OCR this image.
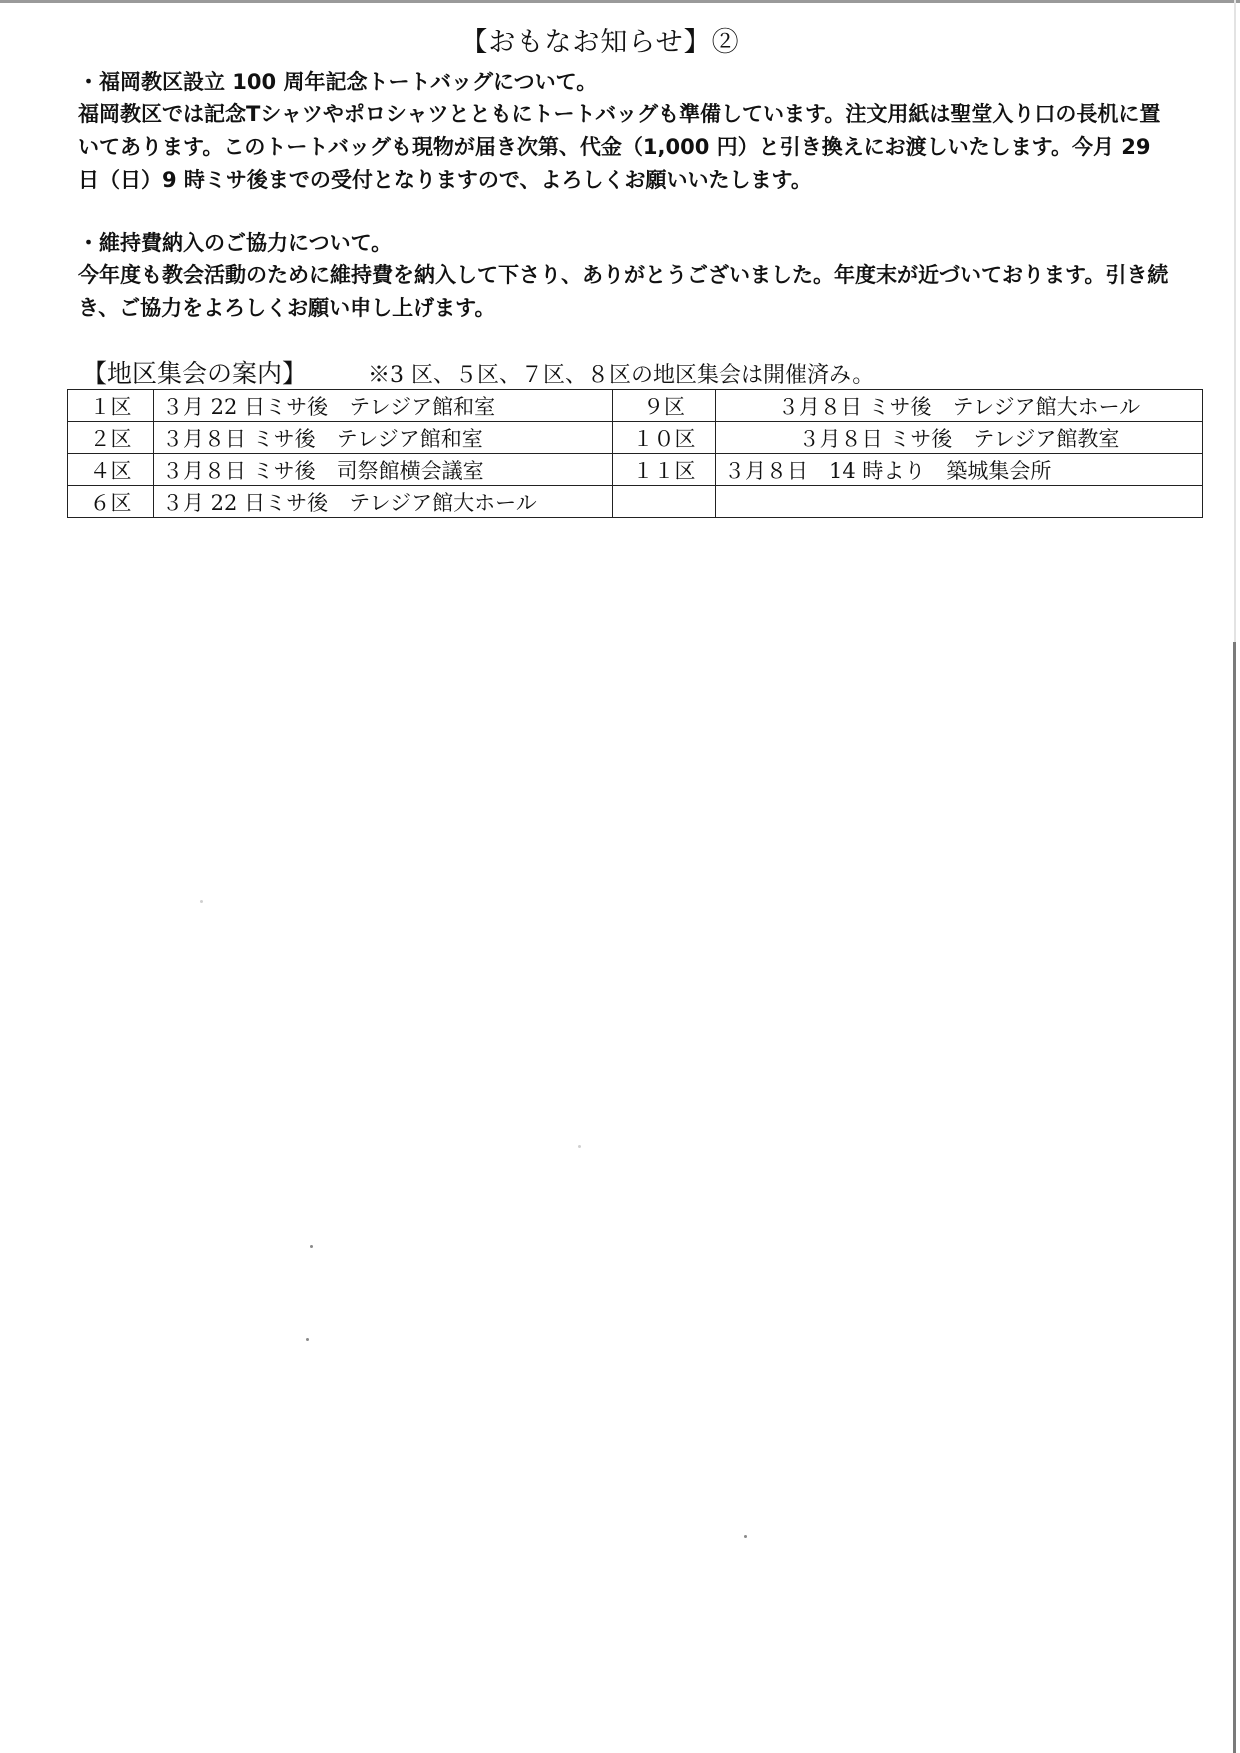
【おもなお知らせ】②

・福岡教区設立 100 周年記念トートバッグについて。

福岡教区では記念Tシャツやポロシャツとともにトートバッグも準備しています。注文用紙は聖堂入り口の長机に置いてあります。このトートバッグも現物が届き次第、代金（1,000 円）と引き換えにお渡しいたします。今月 29 日（日）9 時ミサ後までの受付となりますので、よろしくお願いいたします。

・維持費納入のご協力について。

今年度も教会活動のために維持費を納入して下さり、ありがとうございました。年度末が近づいております。引き続き、ご協力をよろしくお願い申し上げます。

【地区集会の案内】	※3 区、５区、７区、８区の地区集会は開催済み。
１区	３月 22 日ミサ後　テレジア館和室	９区	３月８日 ミサ後　テレジア館大ホール
２区	３月８日 ミサ後　テレジア館和室	１０区	３月８日 ミサ後　テレジア館教室
４区	３月８日 ミサ後　司祭館横会議室	１１区	３月８日　14 時より　築城集会所
６区	３月 22 日ミサ後　テレジア館大ホール		
